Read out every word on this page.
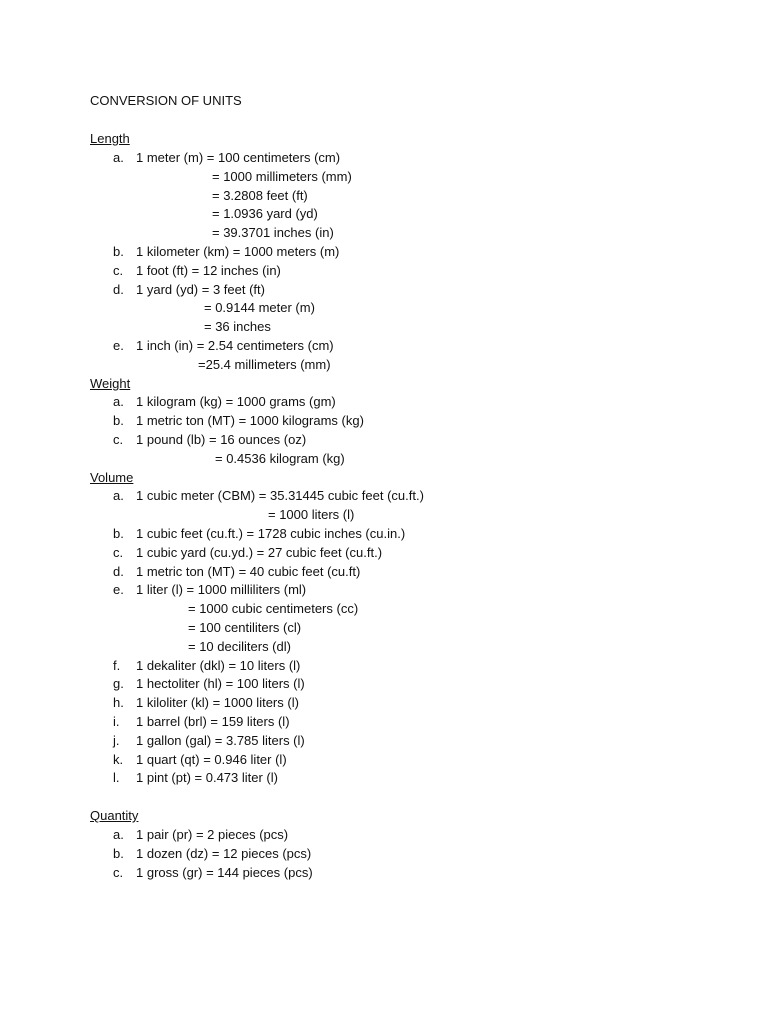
CONVERSION OF UNITS
Length
a. 1 meter (m) = 100 centimeters (cm)
= 1000 millimeters (mm)
= 3.2808 feet (ft)
= 1.0936 yard (yd)
= 39.3701 inches (in)
b. 1 kilometer (km) = 1000 meters (m)
c. 1 foot (ft) = 12 inches (in)
d. 1 yard (yd) = 3 feet (ft)
= 0.9144 meter (m)
= 36 inches
e. 1 inch (in) = 2.54 centimeters (cm)
=25.4 millimeters (mm)
Weight
a. 1 kilogram (kg) = 1000 grams (gm)
b. 1 metric ton (MT) = 1000 kilograms (kg)
c. 1 pound (lb) = 16 ounces (oz)
= 0.4536 kilogram (kg)
Volume
a. 1 cubic meter (CBM) = 35.31445 cubic feet (cu.ft.)
= 1000 liters (l)
b. 1 cubic feet (cu.ft.) = 1728 cubic inches (cu.in.)
c. 1 cubic yard (cu.yd.) = 27 cubic feet (cu.ft.)
d. 1 metric ton (MT) = 40 cubic feet (cu.ft)
e. 1 liter (l) = 1000 milliliters (ml)
= 1000 cubic centimeters (cc)
= 100 centiliters (cl)
= 10 deciliters (dl)
f. 1 dekaliter (dkl) = 10 liters (l)
g. 1 hectoliter (hl) = 100 liters (l)
h. 1 kiloliter (kl) = 1000 liters (l)
i. 1 barrel (brl) = 159 liters (l)
j. 1 gallon (gal) = 3.785 liters (l)
k. 1 quart (qt) = 0.946 liter (l)
l. 1 pint (pt) = 0.473 liter (l)
Quantity
a. 1 pair (pr) = 2 pieces (pcs)
b. 1 dozen (dz) = 12 pieces (pcs)
c. 1 gross (gr) = 144 pieces (pcs)
